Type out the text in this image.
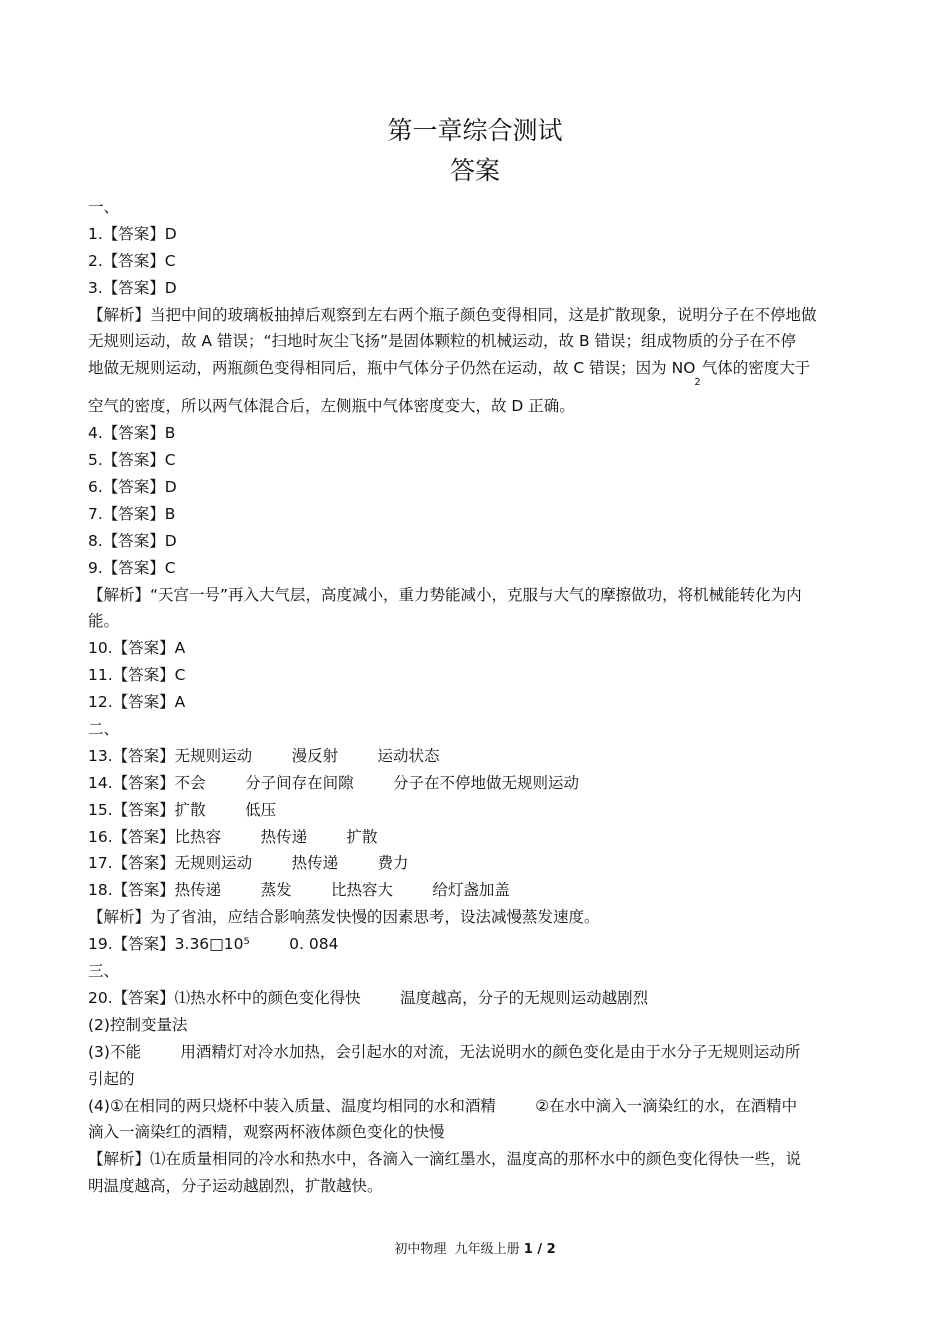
第一章综合测试
答案
一、
1.【答案】D
2.【答案】C
3.【答案】D
【解析】当把中间的玻璃板抽掉后观察到左右两个瓶子颜色变得相同，这是扩散现象，说明分子在不停地做
无规则运动，故 A 错误；“扫地时灰尘飞扬”是固体颗粒的机械运动，故 B 错误；组成物质的分子在不停
地做无规则运动，两瓶颜色变得相同后，瓶中气体分子仍然在运动，故 C 错误；因为 $NO_2$气体的密度大于
空气的密度，所以两气体混合后，左侧瓶中气体密度变大，故 D 正确。
4.【答案】B
5.【答案】C
6.【答案】D
7.【答案】B
8.【答案】D
9.【答案】C
【解析】“天宫一号”再入大气层，高度减小，重力势能减小，克服与大气的摩擦做功，将机械能转化为内
能。
10.【答案】A
11.【答案】C
12.【答案】A
二、
13.【答案】无规则运动        漫反射        运动状态
14.【答案】不会        分子间存在间隙        分子在不停地做无规则运动
15.【答案】扩散        低压
16.【答案】比热容        热传递        扩散
17.【答案】无规则运动        热传递        费力
18.【答案】热传递        蒸发        比热容大        给灯盏加盖
【解析】为了省油，应结合影响蒸发快慢的因素思考，设法减慢蒸发速度。
19.【答案】3.36□10⁵        0. 084
三、
20.【答案】⑴热水杯中的颜色变化得快        温度越高，分子的无规则运动越剧烈
(2)控制变量法
(3)不能        用酒精灯对冷水加热，会引起水的对流，无法说明水的颜色变化是由于水分子无规则运动所
引起的
(4)①在相同的两只烧杯中装入质量、温度均相同的水和酒精        ②在水中滴入一滴染红的水，在酒精中
滴入一滴染红的酒精，观察两杯液体颜色变化的快慢
【解析】⑴在质量相同的冷水和热水中，各滴入一滴红墨水，温度高的那杯水中的颜色变化得快一些，说
明温度越高，分子运动越剧烈，扩散越快。
初中物理  九年级上册 1 / 2
